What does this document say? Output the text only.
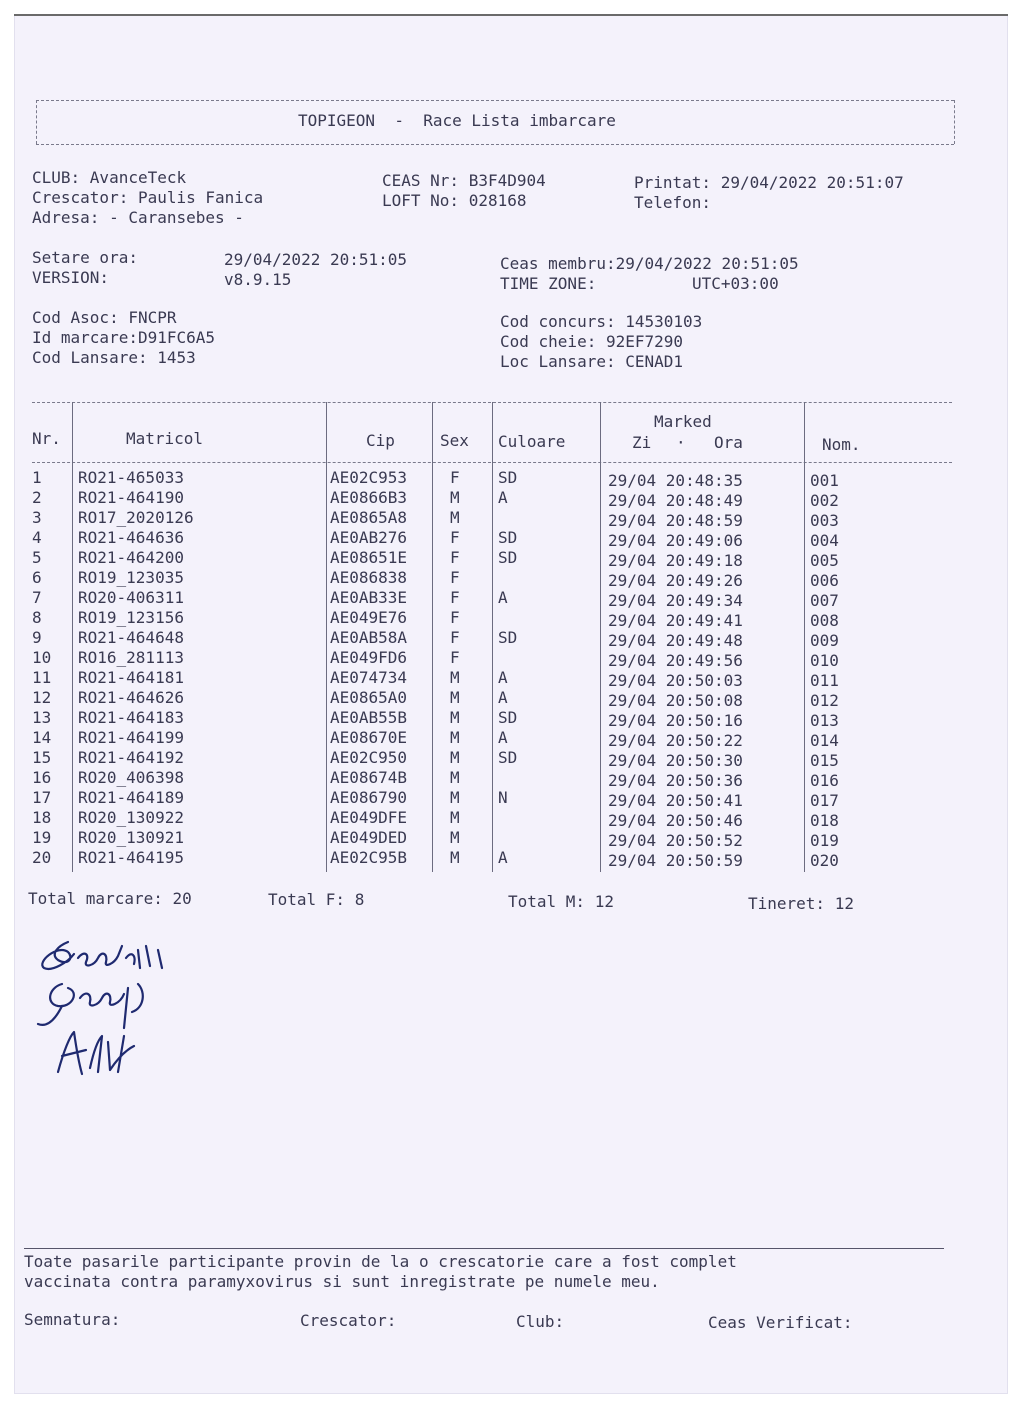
TOPIGEON  -  Race Lista imbarcare
CLUB: AvanceTeck
Crescator: Paulis Fanica
Adresa: - Caransebes -
CEAS Nr: B3F4D904
LOFT No: 028168
Printat: 29/04/2022 20:51:07
Telefon:
Setare ora:	29/04/2022 20:51:05
VERSION:	v8.9.15
Ceas membru:29/04/2022 20:51:05
TIME ZONE:	UTC+03:00
Cod Asoc: FNCPR
Id marcare:D91FC6A5
Cod Lansare: 1453
Cod concurs: 14530103
Cod cheie: 92EF7290
Loc Lansare: CENAD1
Nr.	Matricol	Cip	Sex Culoare
Marked
Zi · Ora	Nom.
1 RO21-465033	AE02C953	F SD	29/04 20:48:35	001
2 RO21-464190	AE0866B3	M A	29/04 20:48:49	002
3 RO17_2020126	AE0865A8	M	29/04 20:48:59	003
4 RO21-464636	AE0AB276	F SD	29/04 20:49:06	004
5 RO21-464200	AE08651E	F SD	29/04 20:49:18	005
6 RO19_123035	AE086838	F	29/04 20:49:26	006
7 RO20-406311	AE0AB33E	F A	29/04 20:49:34	007
8 RO19_123156	AE049E76	F	29/04 20:49:41	008
9 RO21-464648	AE0AB58A	F SD	29/04 20:49:48	009
10 RO16_281113	AE049FD6	F	29/04 20:49:56	010
11 RO21-464181	AE074734	M A	29/04 20:50:03	011
12 RO21-464626	AE0865A0	M A	29/04 20:50:08	012
13 RO21-464183	AE0AB55B	M SD	29/04 20:50:16	013
14 RO21-464199	AE08670E	M A	29/04 20:50:22	014
15 RO21-464192	AE02C950	M SD	29/04 20:50:30	015
16 RO20_406398	AE08674B	M	29/04 20:50:36	016
17 RO21-464189	AE086790	M N	29/04 20:50:41	017
18 RO20_130922	AE049DFE	M	29/04 20:50:46	018
19 RO20_130921	AE049DED	M	29/04 20:50:52	019
20 RO21-464195	AE02C95B	M A	29/04 20:50:59	020
Total marcare: 20	Total F: 8	Total M: 12	Tineret: 12
Toate pasarile participante provin de la o crescatorie care a fost complet
vaccinata contra paramyxovirus si sunt inregistrate pe numele meu.
Semnatura:	Crescator:	Club:	Ceas Verificat:
